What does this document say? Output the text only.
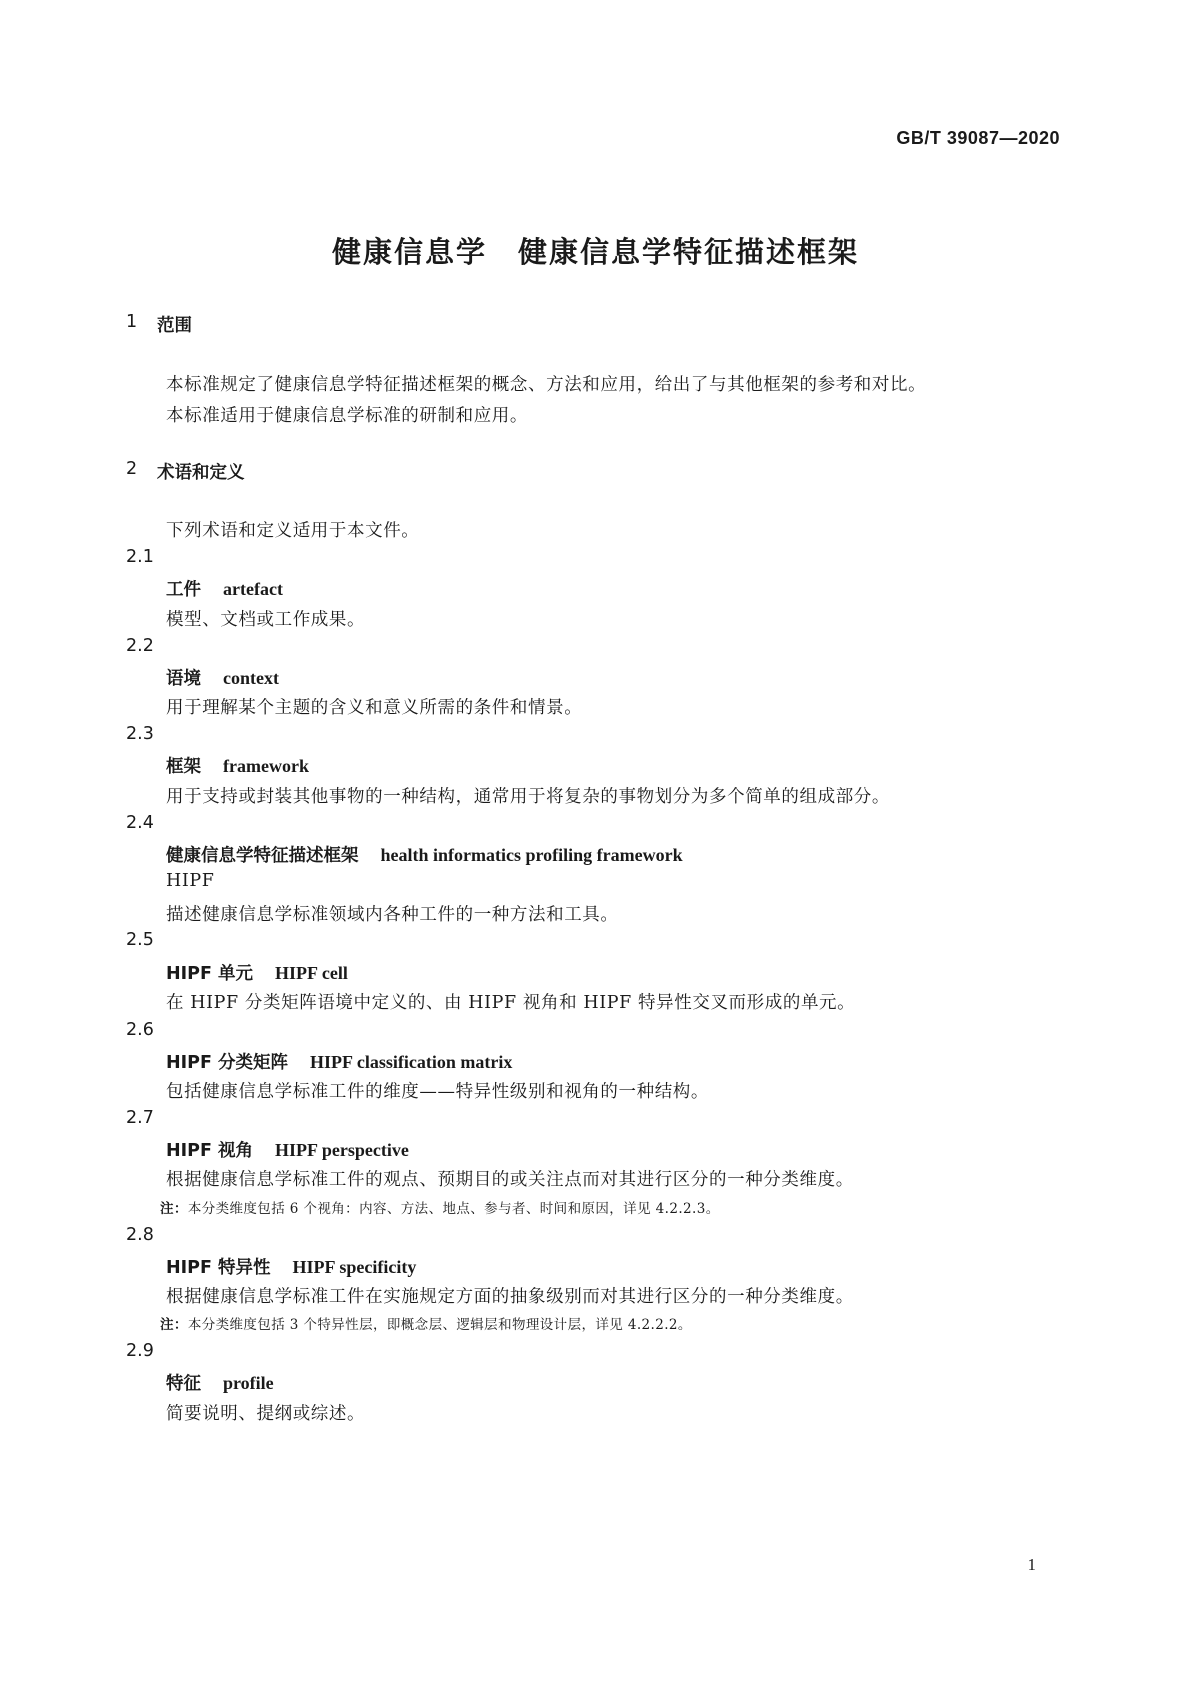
GB/T 39087—2020
健康信息学　健康信息学特征描述框架
1 范围
本标准规定了健康信息学特征描述框架的概念、方法和应用，给出了与其他框架的参考和对比。
本标准适用于健康信息学标准的研制和应用。
2 术语和定义
下列术语和定义适用于本文件。
2.1
工件 artefact
模型、文档或工作成果。
2.2
语境 context
用于理解某个主题的含义和意义所需的条件和情景。
2.3
框架 framework
用于支持或封装其他事物的一种结构，通常用于将复杂的事物划分为多个简单的组成部分。
2.4
健康信息学特征描述框架 health informatics profiling framework
HIPF
描述健康信息学标准领域内各种工件的一种方法和工具。
2.5
HIPF 单元 HIPF cell
在 HIPF 分类矩阵语境中定义的、由 HIPF 视角和 HIPF 特异性交叉而形成的单元。
2.6
HIPF 分类矩阵 HIPF classification matrix
包括健康信息学标准工件的维度——特异性级别和视角的一种结构。
2.7
HIPF 视角 HIPF perspective
根据健康信息学标准工件的观点、预期目的或关注点而对其进行区分的一种分类维度。
注：本分类维度包括 6 个视角：内容、方法、地点、参与者、时间和原因，详见 4.2.2.3。
2.8
HIPF 特异性 HIPF specificity
根据健康信息学标准工件在实施规定方面的抽象级别而对其进行区分的一种分类维度。
注：本分类维度包括 3 个特异性层，即概念层、逻辑层和物理设计层，详见 4.2.2.2。
2.9
特征 profile
简要说明、提纲或综述。
1
